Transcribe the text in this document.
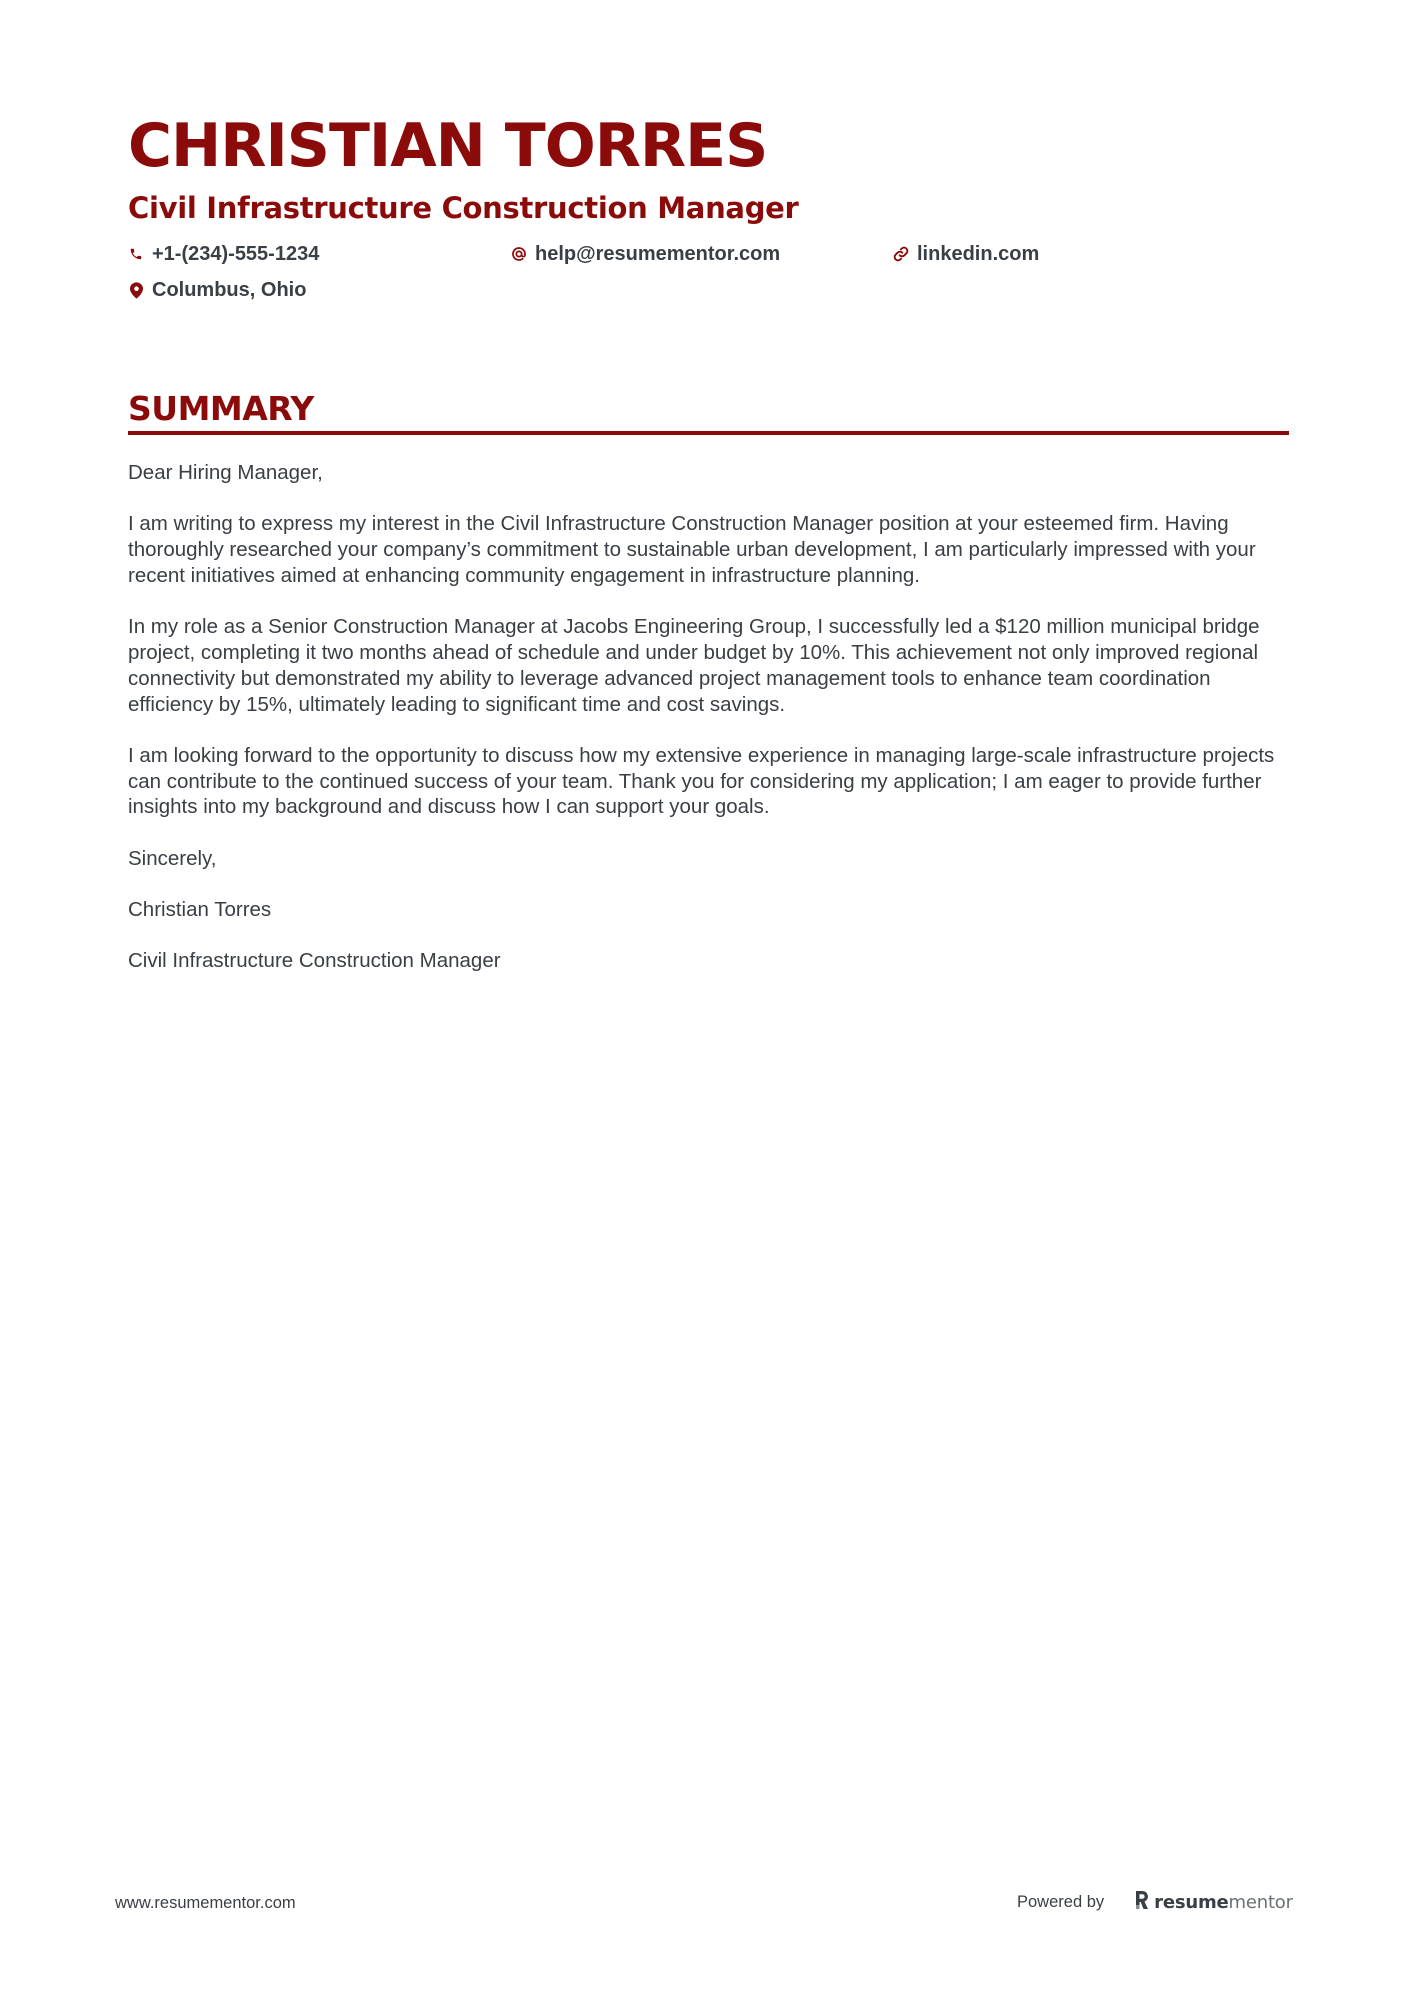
CHRISTIAN TORRES
Civil Infrastructure Construction Manager
+1-(234)-555-1234	help@resumementor.com	linkedin.com
Columbus, Ohio
SUMMARY

Dear Hiring Manager,

I am writing to express my interest in the Civil Infrastructure Construction Manager position at your esteemed firm. Having thoroughly researched your company’s commitment to sustainable urban development, I am particularly impressed with your recent initiatives aimed at enhancing community engagement in infrastructure planning.

In my role as a Senior Construction Manager at Jacobs Engineering Group, I successfully led a $120 million municipal bridge project, completing it two months ahead of schedule and under budget by 10%. This achievement not only improved regional connectivity but demonstrated my ability to leverage advanced project management tools to enhance team coordination efficiency by 15%, ultimately leading to significant time and cost savings.

I am looking forward to the opportunity to discuss how my extensive experience in managing large-scale infrastructure projects can contribute to the continued success of your team. Thank you for considering my application; I am eager to provide further insights into my background and discuss how I can support your goals.

Sincerely,

Christian Torres

Civil Infrastructure Construction Manager

www.resumementor.com	Powered by	resume mentor
